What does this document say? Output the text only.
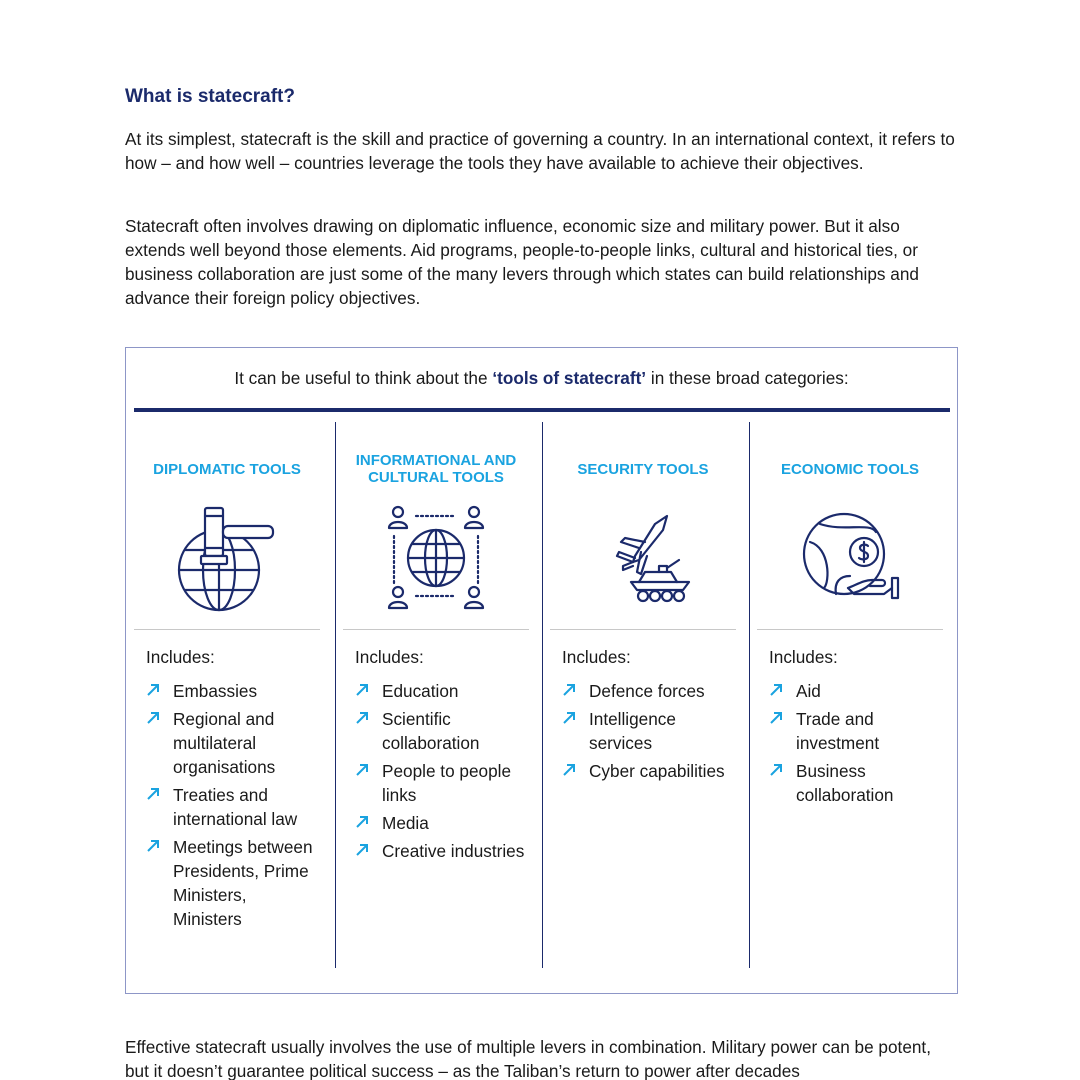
What is statecraft?

At its simplest, statecraft is the skill and practice of governing a country. In an international context, it refers to how – and how well – countries leverage the tools they have available to achieve their objectives.

Statecraft often involves drawing on diplomatic influence, economic size and military power. But it also extends well beyond those elements. Aid programs, people-to-people links, cultural and historical ties, or business collaboration are just some of the many levers through which states can build relationships and advance their foreign policy objectives.

It can be useful to think about the ‘tools of statecraft’ in these broad categories:
DIPLOMATIC TOOLS
Includes:
Embassies
Regional and multilateral organisations
Treaties and international law
Meetings between Presidents, Prime Ministers, Ministers
INFORMATIONAL AND CULTURAL TOOLS
Includes:
Education
Scientific collaboration
People to people links
Media
Creative industries
SECURITY TOOLS
Includes:
Defence forces
Intelligence services
Cyber capabilities
ECONOMIC TOOLS
Includes:
Aid
Trade and investment
Business collaboration

Effective statecraft usually involves the use of multiple levers in combination. Military power can be potent, but it doesn’t guarantee political success – as the Taliban’s return to power after decades
